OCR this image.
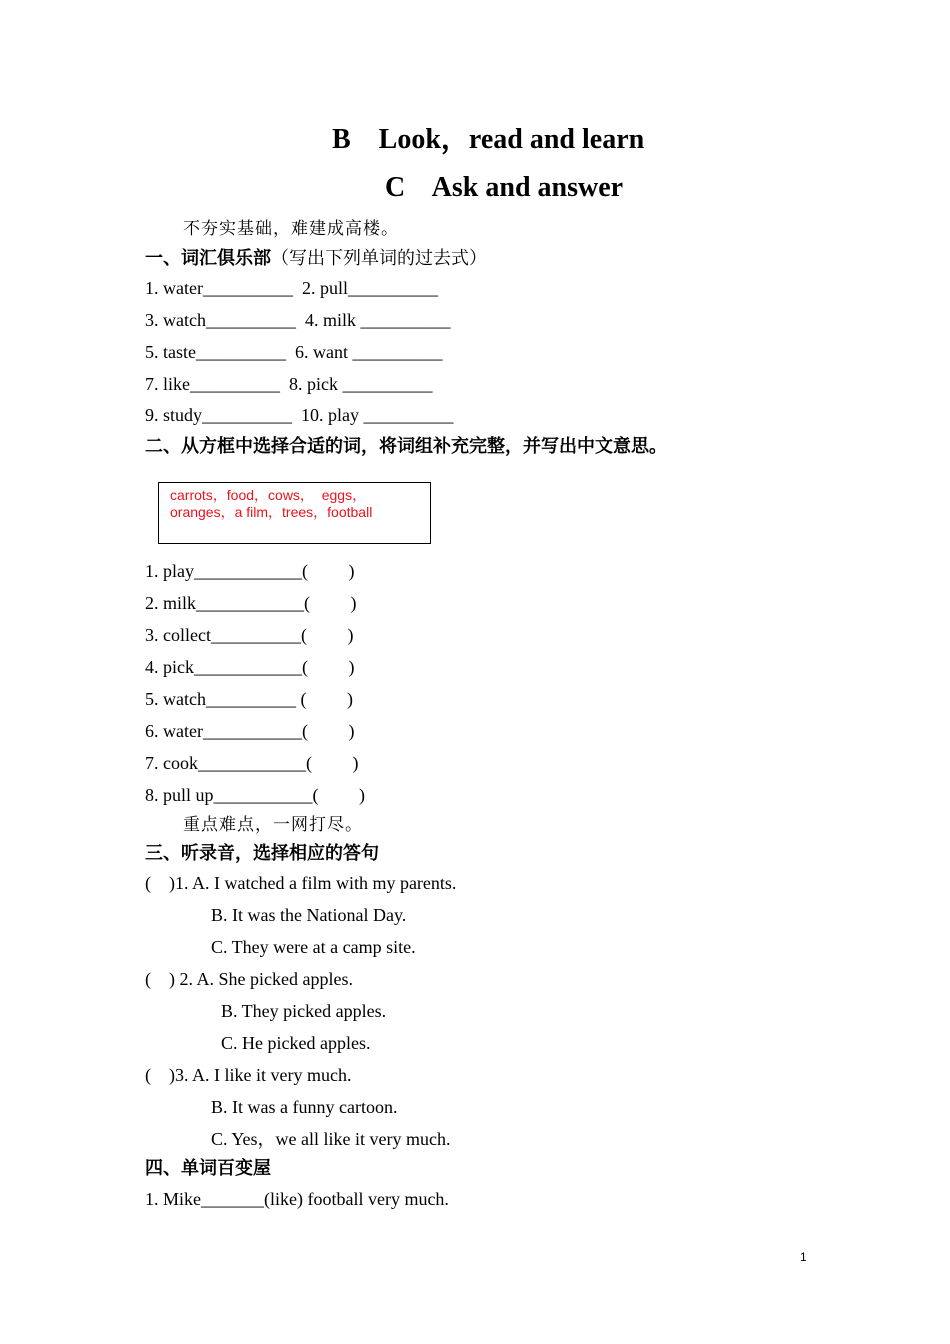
B    Look，read and learn
C    Ask and answer
不夯实基础，难建成高楼。
一、词汇俱乐部（写出下列单词的过去式）
1. water__________  2. pull__________
3. watch__________  4. milk __________
5. taste__________  6. want __________
7. like__________  8. pick __________
9. study__________  10. play __________
二、从方框中选择合适的词，将词组补充完整，并写出中文意思。
carrots，food，cows，  eggs，
oranges，a film，trees，football
1. play____________(         )
2. milk____________(         )
3. collect__________(         )
4. pick____________(         )
5. watch__________ (         )
6. water___________(         )
7. cook____________(         )
8. pull up___________(         )
重点难点，一网打尽。
三、听录音，选择相应的答句
(    )1. A. I watched a film with my parents.
B. It was the National Day.
C. They were at a camp site.
(    ) 2. A. She picked apples.
B. They picked apples.
C. He picked apples.
(    )3. A. I like it very much.
B. It was a funny cartoon.
C. Yes，we all like it very much.
四、单词百变屋
1. Mike_______(like) football very much.
1
